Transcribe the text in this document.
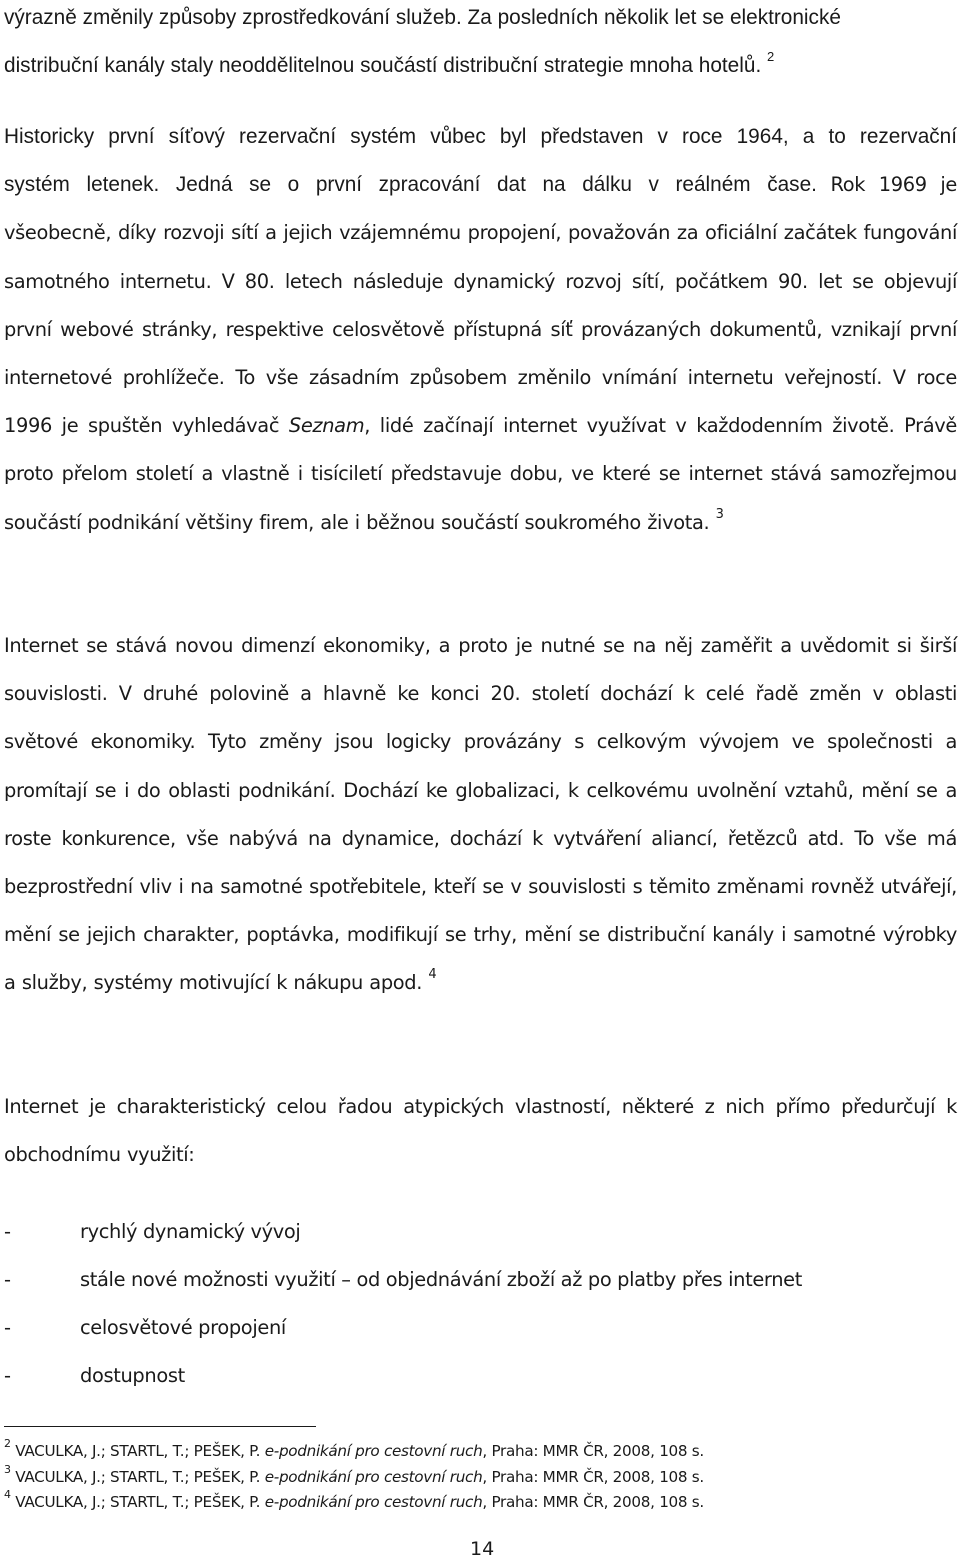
výrazně změnily způsoby zprostředkování služeb. Za posledních několik let se elektronické
distribuční kanály staly neoddělitelnou součástí distribuční strategie mnoha hotelů. $^2$

Historicky první síťový rezervační systém vůbec byl představen v roce 1964, a to rezervační systém letenek. Jedná se o první zpracování dat na dálku v reálném čase. Rok 1969 je všeobecně, díky rozvoji sítí a jejich vzájemnému propojení, považován za oficiální začátek fungování samotného internetu. V 80. letech následuje dynamický rozvoj sítí, počátkem 90. let se objevují první webové stránky, respektive celosvětově přístupná síť provázaných dokumentů, vznikají první internetové prohlížeče. To vše zásadním způsobem změnilo vnímání internetu veřejností. V roce 1996 je spuštěn vyhledávač Seznam, lidé začínají internet využívat v každodenním životě. Právě proto přelom století a vlastně i tisíciletí představuje dobu, ve které se internet stává samozřejmou součástí podnikání většiny firem, ale i běžnou součástí soukromého života. $^3$

Internet se stává novou dimenzí ekonomiky, a proto je nutné se na něj zaměřit a uvědomit si širší souvislosti. V druhé polovině a hlavně ke konci 20. století dochází k celé řadě změn v oblasti světové ekonomiky. Tyto změny jsou logicky provázány s celkovým vývojem ve společnosti a promítají se i do oblasti podnikání. Dochází ke globalizaci, k celkovému uvolnění vztahů, mění se a roste konkurence, vše nabývá na dynamice, dochází k vytváření aliancí, řetězců atd. To vše má bezprostřední vliv i na samotné spotřebitele, kteří se v souvislosti s těmito změnami rovněž utvářejí, mění se jejich charakter, poptávka, modifikují se trhy, mění se distribuční kanály i samotné výrobky a služby, systémy motivující k nákupu apod. $^4$

Internet je charakteristický celou řadou atypických vlastností, některé z nich přímo předurčují k obchodnímu využití:

-	rychlý dynamický vývoj
-	stále nové možnosti využití – od objednávání zboží až po platby přes internet
-	celosvětové propojení
-	dostupnost
$^2$ VACULKA, J.; STARTL, T.; PEŠEK, P. e-podnikání pro cestovní ruch, Praha: MMR ČR, 2008, 108 s.
$^3$ VACULKA, J.; STARTL, T.; PEŠEK, P. e-podnikání pro cestovní ruch, Praha: MMR ČR, 2008, 108 s.
$^4$ VACULKA, J.; STARTL, T.; PEŠEK, P. e-podnikání pro cestovní ruch, Praha: MMR ČR, 2008, 108 s.
14
